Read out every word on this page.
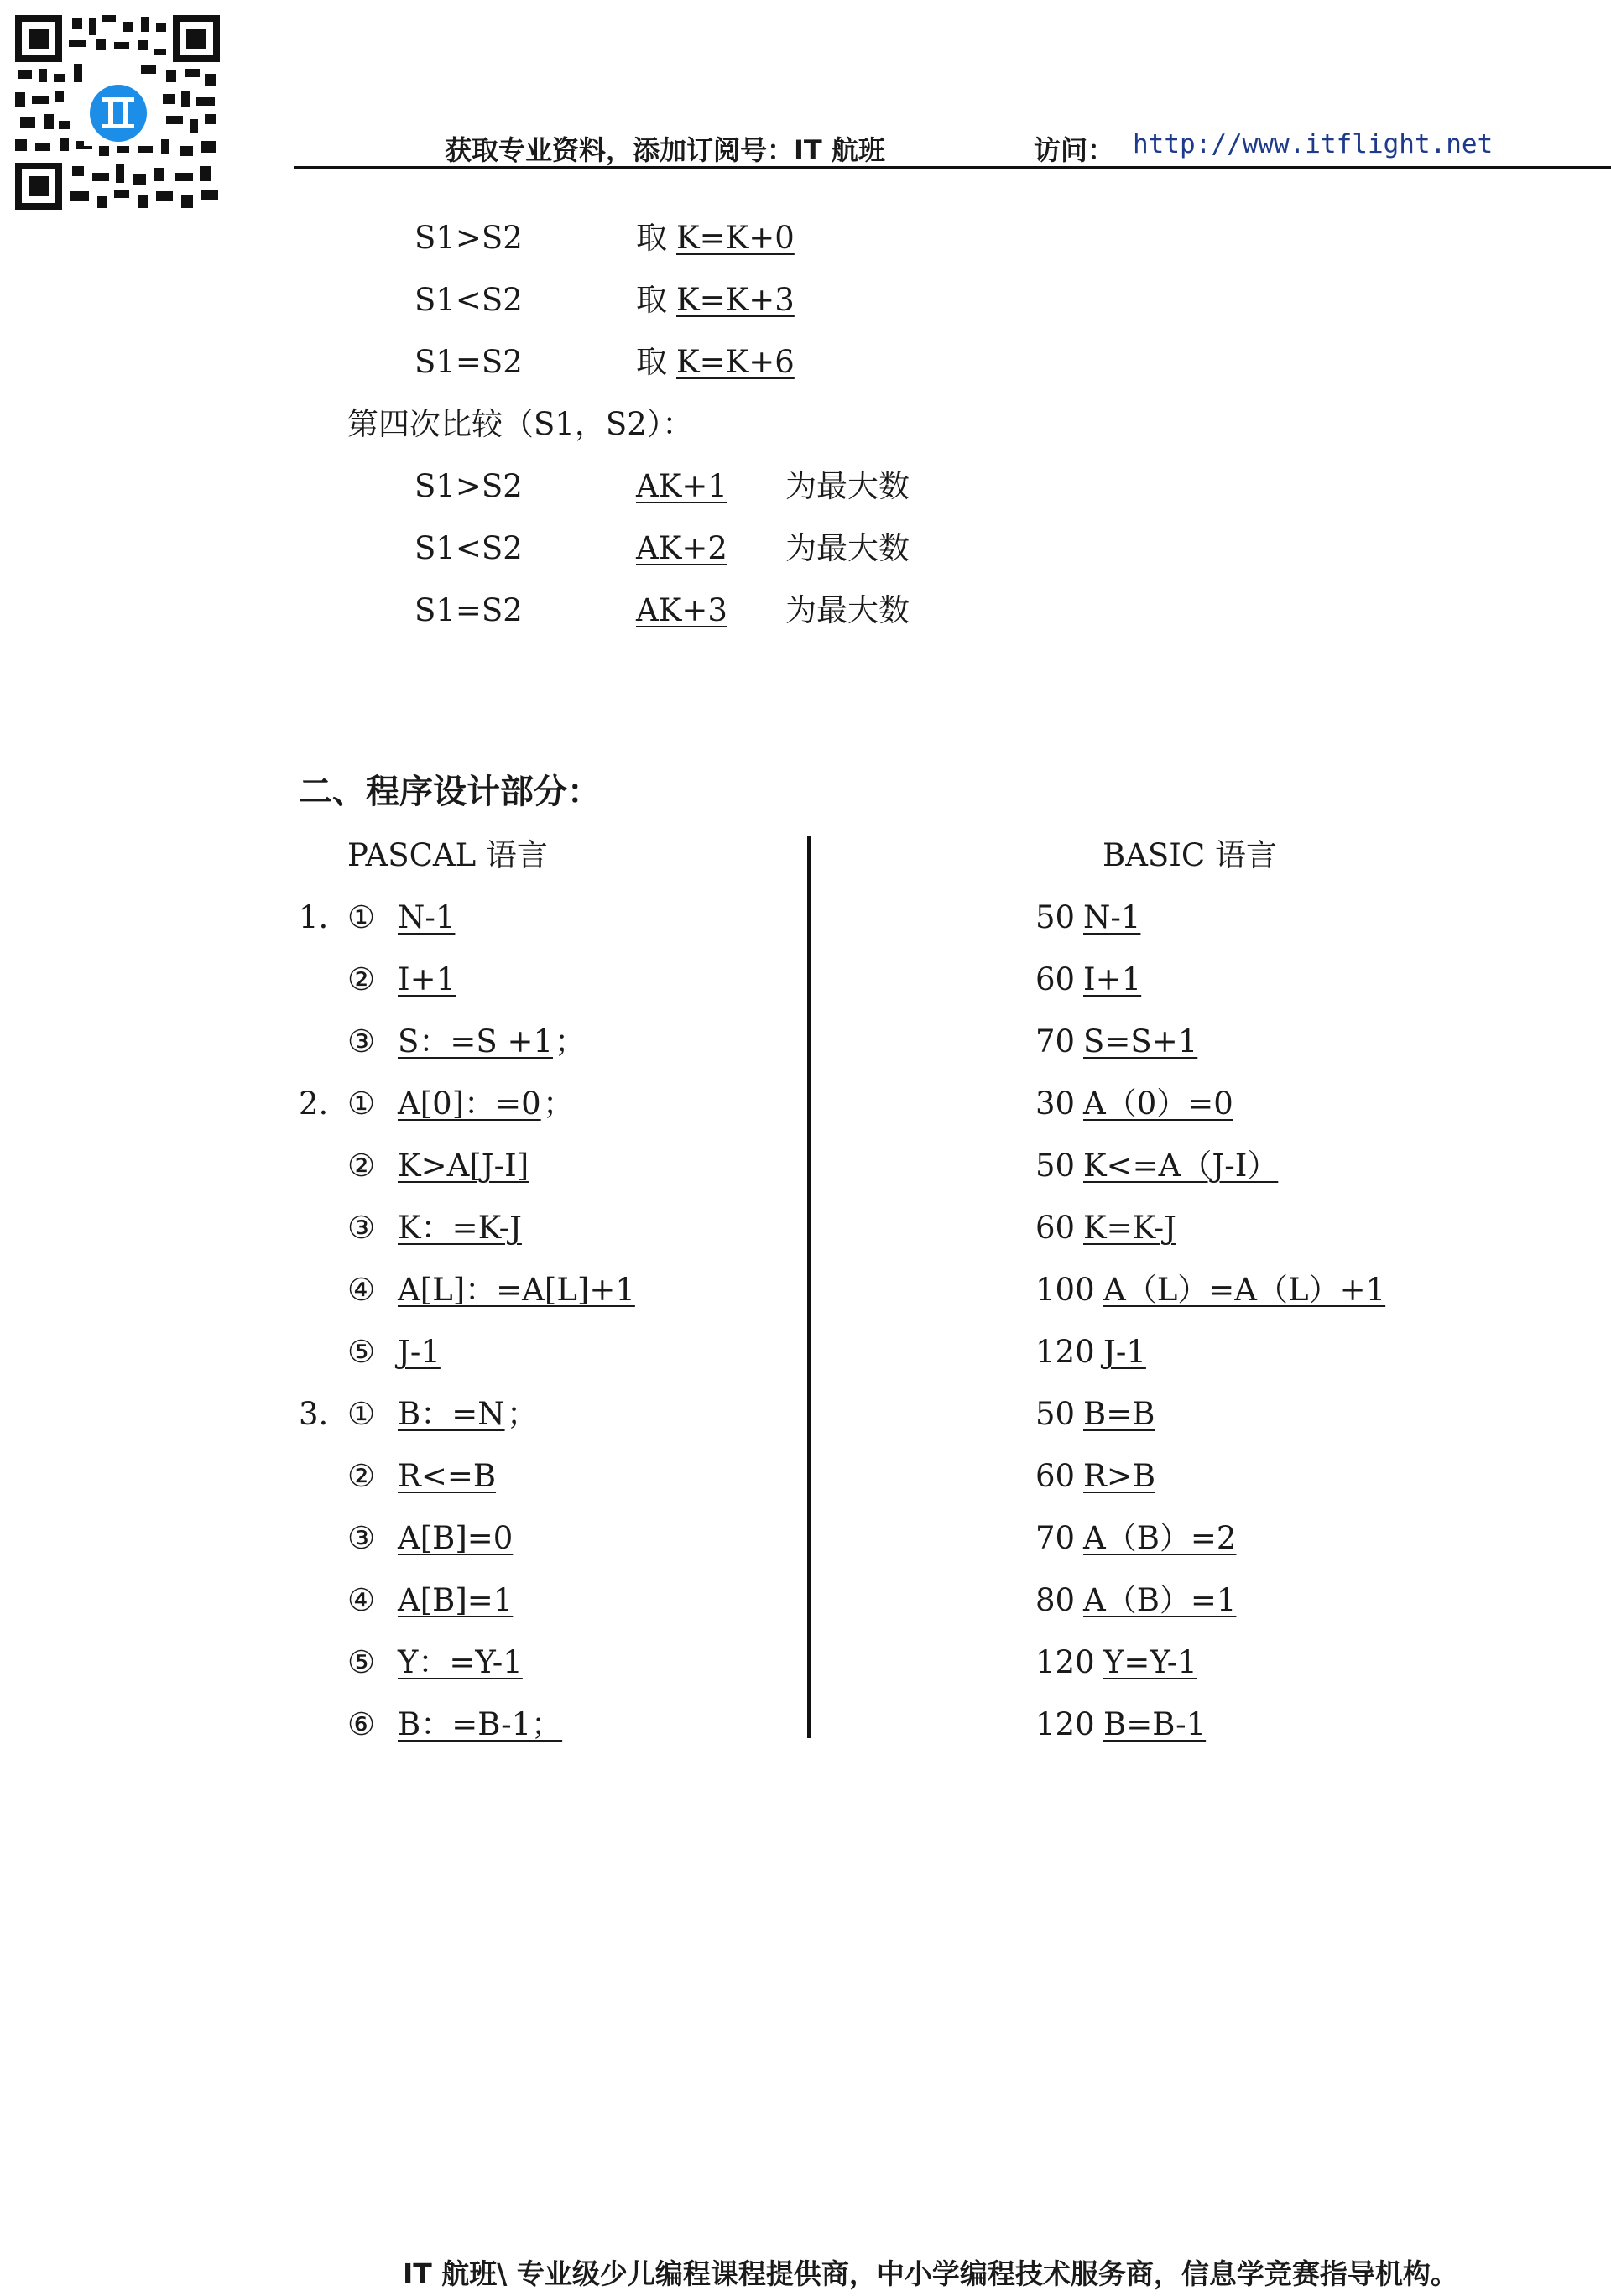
获取专业资料，添加订阅号：IT 航班	访问： http://www.itflight.net
S1>S2	取 K=K+0
S1<S2	取 K=K+3
S1=S2	取 K=K+6
第四次比较（S1，S2）：
S1>S2	AK+1 为最大数
S1<S2	AK+2 为最大数
S1=S2	AK+3 为最大数
二、程序设计部分：
PASCAL 语言	BASIC 语言
1. ① N-1	50 N-1
② I+1	60 I+1
③ S：=S +1 ；	70 S=S+1
2. ① A[0]：=0 ；	30 A（0）=0
② K>A[J-I]	50 K<=A（J-I）
③ K：=K-J	60 K=K-J
④ A[L]：=A[L]+1	100 A（L）=A（L）+1
⑤ J-1	120 J-1
3. ① B：=N ；	50 B=B
② R<=B	60 R>B
③ A[B]=0	70 A（B）=2
④ A[B]=1	80 A（B）=1
⑤ Y：=Y-1	120 Y=Y-1
⑥ B：=B-1；	120 B=B-1
IT 航班\ 专业级少儿编程课程提供商，中小学编程技术服务商，信息学竞赛指导机构。
